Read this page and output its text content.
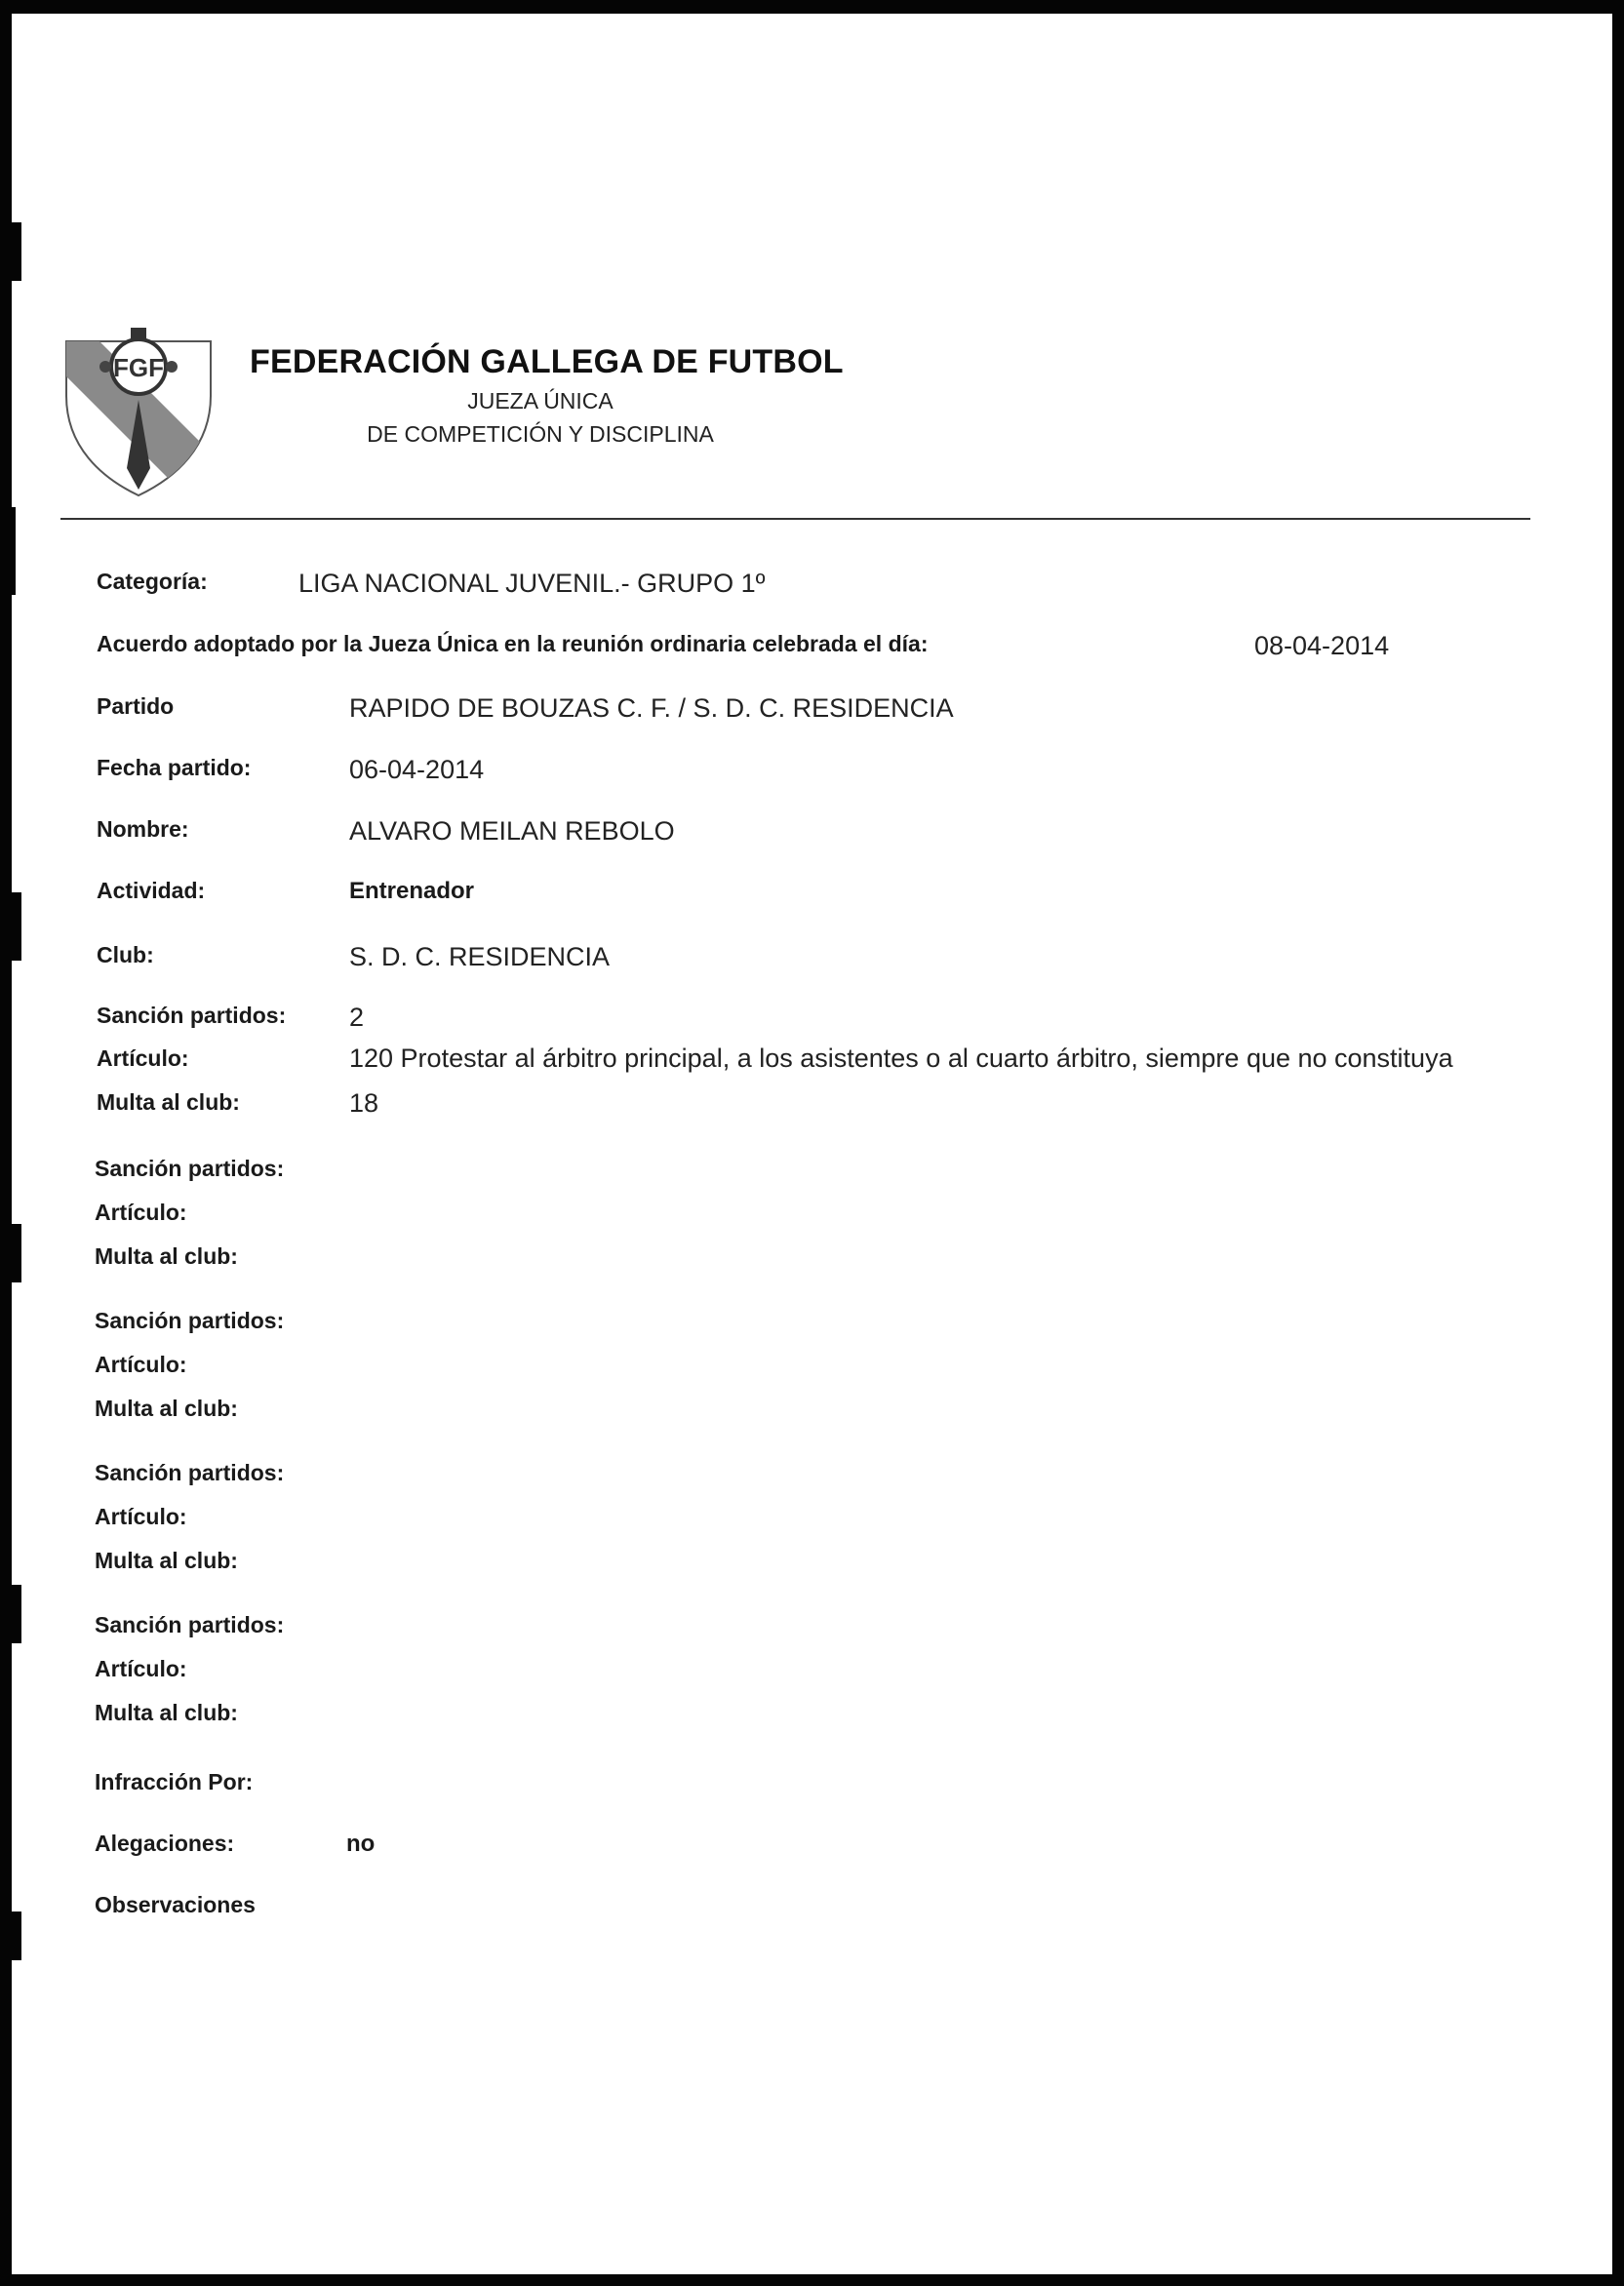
FGF	FEDERACIÓN GALLEGA DE FUTBOL
JUEZA ÚNICA
DE COMPETICIÓN Y DISCIPLINA
Categoría:	LIGA NACIONAL JUVENIL.- GRUPO 1º
Acuerdo adoptado por la Jueza Única en la reunión ordinaria celebrada el día:	08-04-2014
Partido	RAPIDO DE BOUZAS C. F. / S. D. C. RESIDENCIA
Fecha partido:	06-04-2014
Nombre:	ALVARO MEILAN REBOLO
Actividad:	Entrenador
Club:	S. D. C. RESIDENCIA
Sanción partidos: 2
Artículo:	120 Protestar al árbitro principal, a los asistentes o al cuarto árbitro, siempre que no constituya
Multa al club:	18
Sanción partidos:
Artículo:
Multa al club:
Sanción partidos:
Artículo:
Multa al club:
Sanción partidos:
Artículo:
Multa al club:
Sanción partidos:
Artículo:
Multa al club:
Infracción Por:
Alegaciones:	no
Observaciones
